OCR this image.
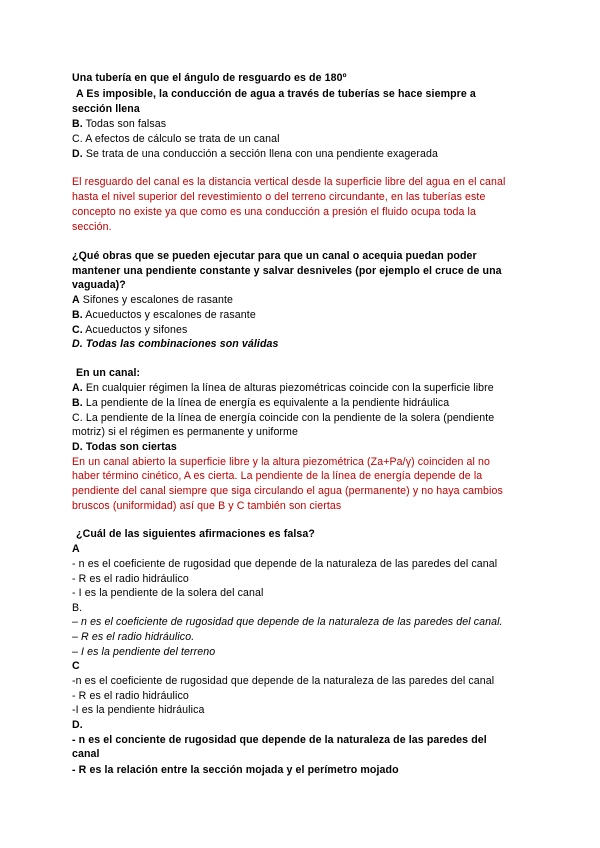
Una tubería en que el ángulo de resguardo es de 180º
A Es imposible, la conducción de agua a través de tuberías se hace siempre a
sección llena
B. Todas son falsas
C. A efectos de cálculo se trata de un canal
D. Se trata de una conducción a sección llena con una pendiente exagerada
El resguardo del canal es la distancia vertical desde la superficie libre del agua en el canal
hasta el nivel superior del revestimiento o del terreno circundante, en las tuberías este
concepto no existe ya que como es una conducción a presión el fluido ocupa toda la
sección.
¿Qué obras que se pueden ejecutar para que un canal o acequia puedan poder
mantener una pendiente constante y salvar desniveles (por ejemplo el cruce de una
vaguada)?
A Sifones y escalones de rasante
B. Acueductos y escalones de rasante
C. Acueductos y sifones
D. Todas las combinaciones son válidas
En un canal:
A. En cualquier régimen la línea de alturas piezométricas coincide con la superficie libre
B. La pendiente de la línea de energía es equivalente a la pendiente hidráulica
C. La pendiente de la línea de energía coincide con la pendiente de la solera (pendiente
motriz) si el régimen es permanente y uniforme
D. Todas son ciertas
En un canal abierto la superficie libre y la altura piezométrica (Za+Pa/γ) coinciden al no
haber término cinético, A es cierta. La pendiente de la línea de energía depende de la
pendiente del canal siempre que siga circulando el agua (permanente) y no haya cambios
bruscos (uniformidad) así que B y C también son ciertas
¿Cuál de las siguientes afirmaciones es falsa?
A
- n es el coeficiente de rugosidad que depende de la naturaleza de las paredes del canal
- R es el radio hidráulico
- I es la pendiente de la solera del canal
B.
– n es el coeficiente de rugosidad que depende de la naturaleza de las paredes del canal.
– R es el radio hidráulico.
– I es la pendiente del terreno
C
-n es el coeficiente de rugosidad que depende de la naturaleza de las paredes del canal
- R es el radio hidráulico
-I es la pendiente hidráulica
D.
- n es el conciente de rugosidad que depende de la naturaleza de las paredes del
canal
- R es la relación entre la sección mojada y el perímetro mojado
